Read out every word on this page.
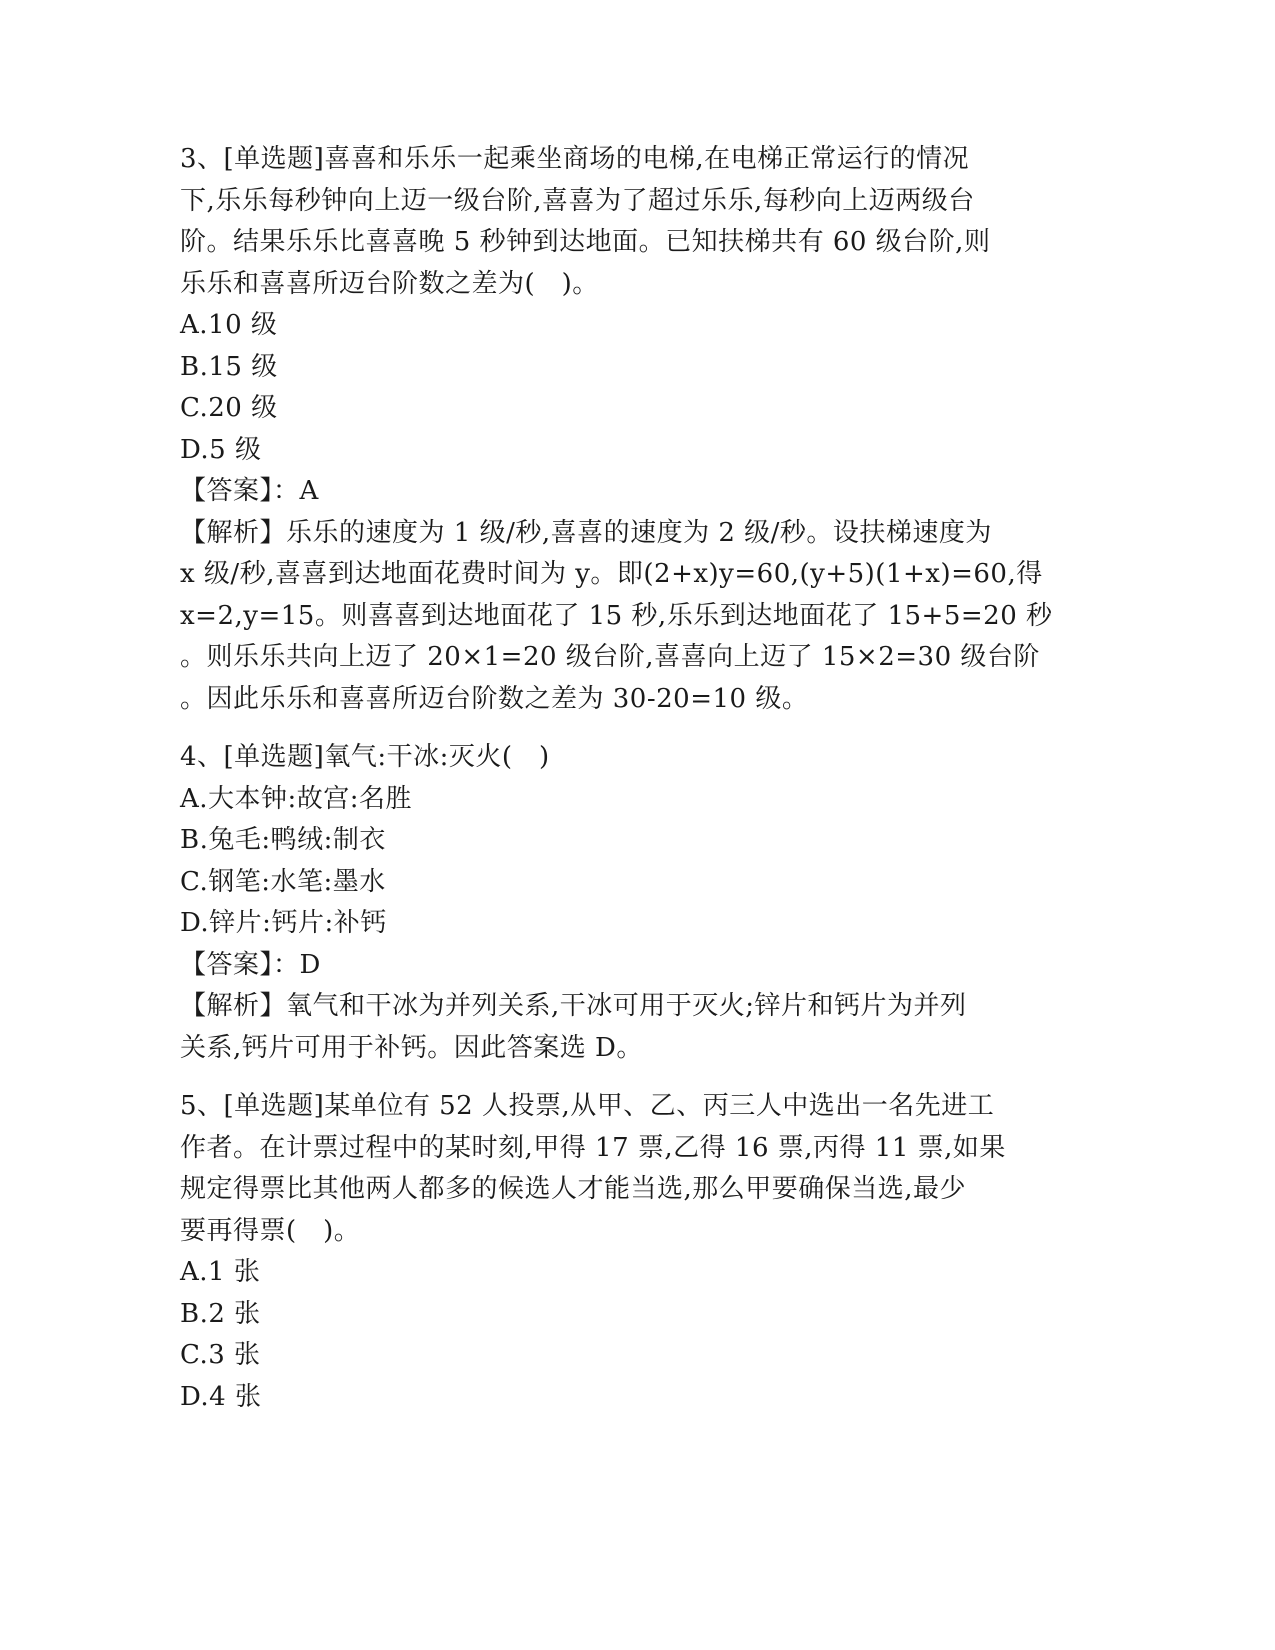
3、[单选题]喜喜和乐乐一起乘坐商场的电梯,在电梯正常运行的情况
下,乐乐每秒钟向上迈一级台阶,喜喜为了超过乐乐,每秒向上迈两级台
阶。结果乐乐比喜喜晚 5 秒钟到达地面。已知扶梯共有 60 级台阶,则
乐乐和喜喜所迈台阶数之差为(　)。
A.10 级
B.15 级
C.20 级
D.5 级
【答案】：A
【解析】乐乐的速度为 1 级/秒,喜喜的速度为 2 级/秒。设扶梯速度为
x 级/秒,喜喜到达地面花费时间为 y。即(2+x)y=60,(y+5)(1+x)=60,得
x=2,y=15。则喜喜到达地面花了 15 秒,乐乐到达地面花了 15+5=20 秒
。则乐乐共向上迈了 20×1=20 级台阶,喜喜向上迈了 15×2=30 级台阶
。因此乐乐和喜喜所迈台阶数之差为 30-20=10 级。
4、[单选题]氧气:干冰:灭火(　)
A.大本钟:故宫:名胜
B.兔毛:鸭绒:制衣
C.钢笔:水笔:墨水
D.锌片:钙片:补钙
【答案】：D
【解析】氧气和干冰为并列关系,干冰可用于灭火;锌片和钙片为并列
关系,钙片可用于补钙。因此答案选 D。
5、[单选题]某单位有 52 人投票,从甲、乙、丙三人中选出一名先进工
作者。在计票过程中的某时刻,甲得 17 票,乙得 16 票,丙得 11 票,如果
规定得票比其他两人都多的候选人才能当选,那么甲要确保当选,最少
要再得票(　)。
A.1 张
B.2 张
C.3 张
D.4 张
